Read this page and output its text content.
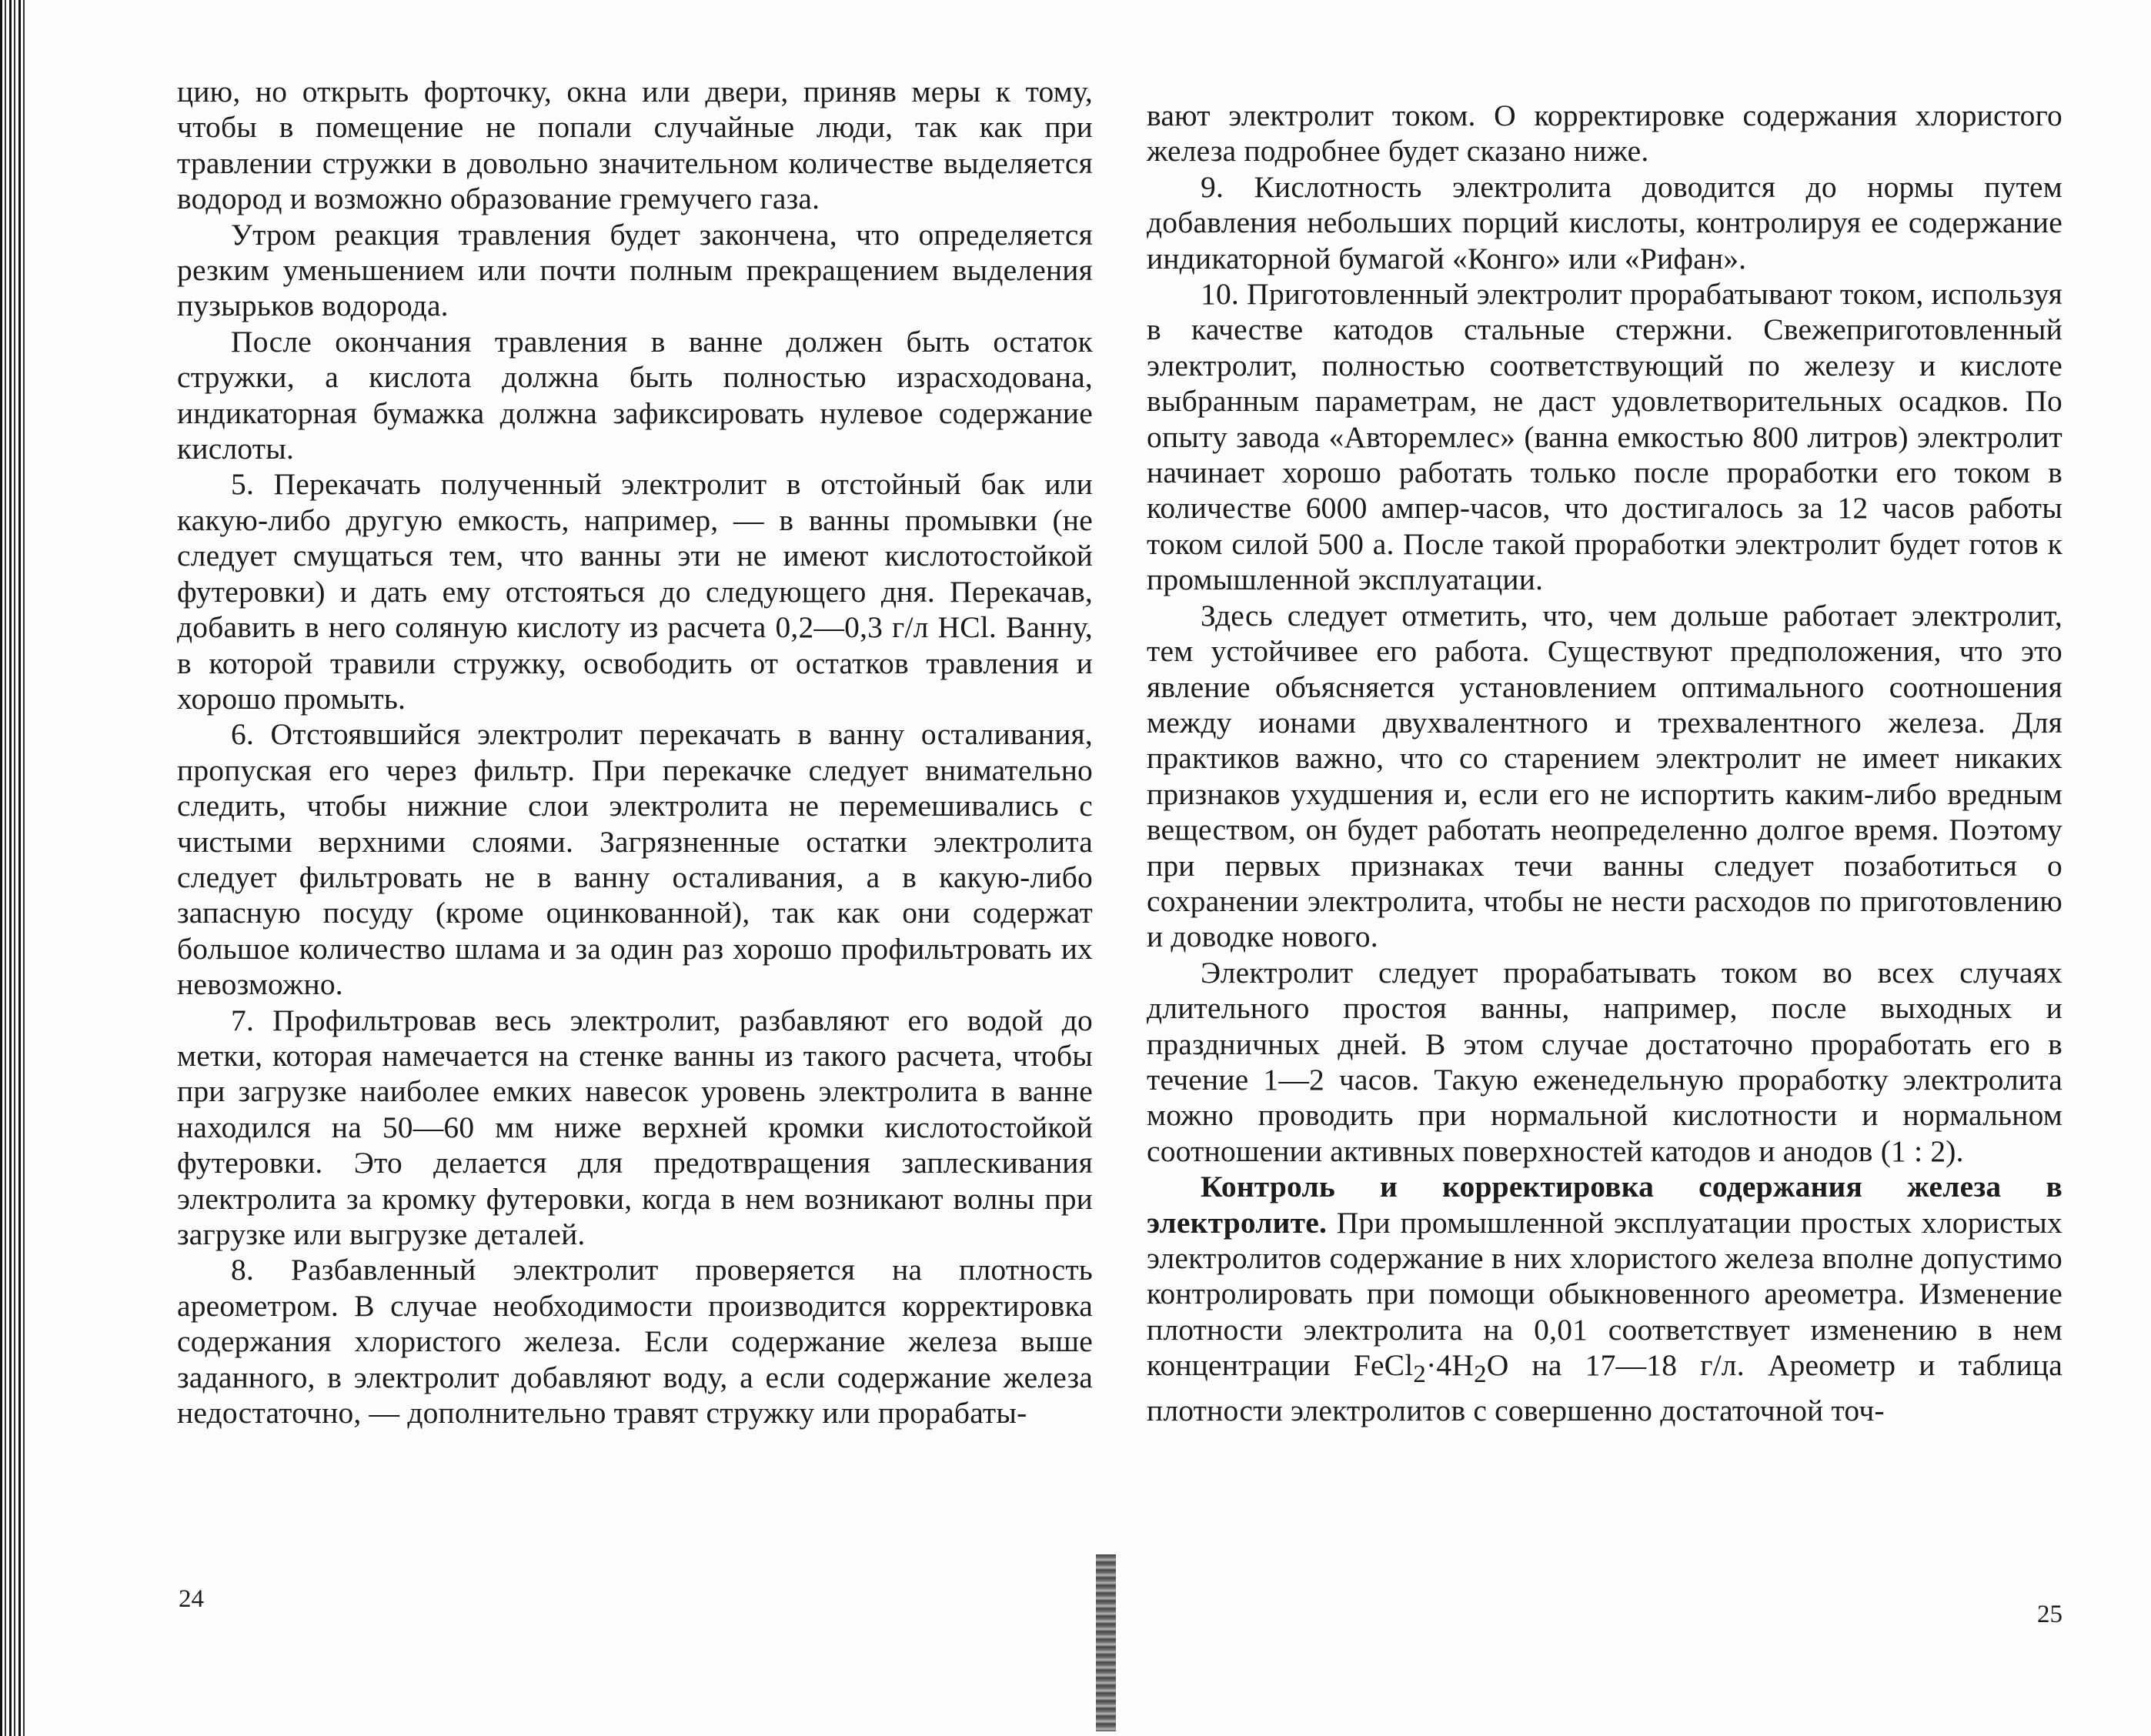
цию, но открыть форточку, окна или двери, приняв меры к тому, чтобы в помещение не попали случайные люди, так как при травлении стружки в довольно значительном количестве выделяется водород и возможно образование гремучего газа.

Утром реакция травления будет закончена, что определяется резким уменьшением или почти полным прекращением выделения пузырьков водорода.

После окончания травления в ванне должен быть остаток стружки, а кислота должна быть полностью израсходована, индикаторная бумажка должна зафиксировать нулевое содержание кислоты.

5. Перекачать полученный электролит в отстойный бак или какую-либо другую емкость, например, — в ванны промывки (не следует смущаться тем, что ванны эти не имеют кислотостойкой футеровки) и дать ему отстояться до следующего дня. Перекачав, добавить в него соляную кислоту из расчета 0,2—0,3 г/л HCl. Ванну, в которой травили стружку, освободить от остатков травления и хорошо промыть.

6. Отстоявшийся электролит перекачать в ванну осталивания, пропуская его через фильтр. При перекачке следует внимательно следить, чтобы нижние слои электролита не перемешивались с чистыми верхними слоями. Загрязненные остатки электролита следует фильтровать не в ванну осталивания, а в какую-либо запасную посуду (кроме оцинкованной), так как они содержат большое количество шлама и за один раз хорошо профильтровать их невозможно.

7. Профильтровав весь электролит, разбавляют его водой до метки, которая намечается на стенке ванны из такого расчета, чтобы при загрузке наиболее емких навесок уровень электролита в ванне находился на 50—60 мм ниже верхней кромки кислотостойкой футеровки. Это делается для предотвращения заплескивания электролита за кромку футеровки, когда в нем возникают волны при загрузке или выгрузке деталей.

8. Разбавленный электролит проверяется на плотность ареометром. В случае необходимости производится корректировка содержания хлористого железа. Если содержание железа выше заданного, в электролит добавляют воду, а если содержание железа недостаточно, — дополнительно травят стружку или прорабаты-

24

вают электролит током. О корректировке содержания хлористого железа подробнее будет сказано ниже.

9. Кислотность электролита доводится до нормы путем добавления небольших порций кислоты, контролируя ее содержание индикаторной бумагой «Конго» или «Рифан».

10. Приготовленный электролит прорабатывают током, используя в качестве катодов стальные стержни. Свежеприготовленный электролит, полностью соответствующий по железу и кислоте выбранным параметрам, не даст удовлетворительных осадков. По опыту завода «Авторемлес» (ванна емкостью 800 литров) электролит начинает хорошо работать только после проработки его током в количестве 6000 ампер-часов, что достигалось за 12 часов работы током силой 500 а. После такой проработки электролит будет готов к промышленной эксплуатации.

Здесь следует отметить, что, чем дольше работает электролит, тем устойчивее его работа. Существуют предположения, что это явление объясняется установлением оптимального соотношения между ионами двухвалентного и трехвалентного железа. Для практиков важно, что со старением электролит не имеет никаких признаков ухудшения и, если его не испортить каким-либо вредным веществом, он будет работать неопределенно долгое время. Поэтому при первых признаках течи ванны следует позаботиться о сохранении электролита, чтобы не нести расходов по приготовлению и доводке нового.

Электролит следует прорабатывать током во всех случаях длительного простоя ванны, например, после выходных и праздничных дней. В этом случае достаточно проработать его в течение 1—2 часов. Такую еженедельную проработку электролита можно проводить при нормальной кислотности и нормальном соотношении активных поверхностей катодов и анодов (1 : 2).

Контроль и корректировка содержания железа в электролите. При промышленной эксплуатации простых хлористых электролитов содержание в них хлористого железа вполне допустимо контролировать при помощи обыкновенного ареометра. Изменение плотности электролита на 0,01 соответствует изменению в нем концентрации $FeCl_2\cdot 4H_2O$ на 17—18 г/л. Ареометр и таблица плотности электролитов с совершенно достаточной точ-

25
